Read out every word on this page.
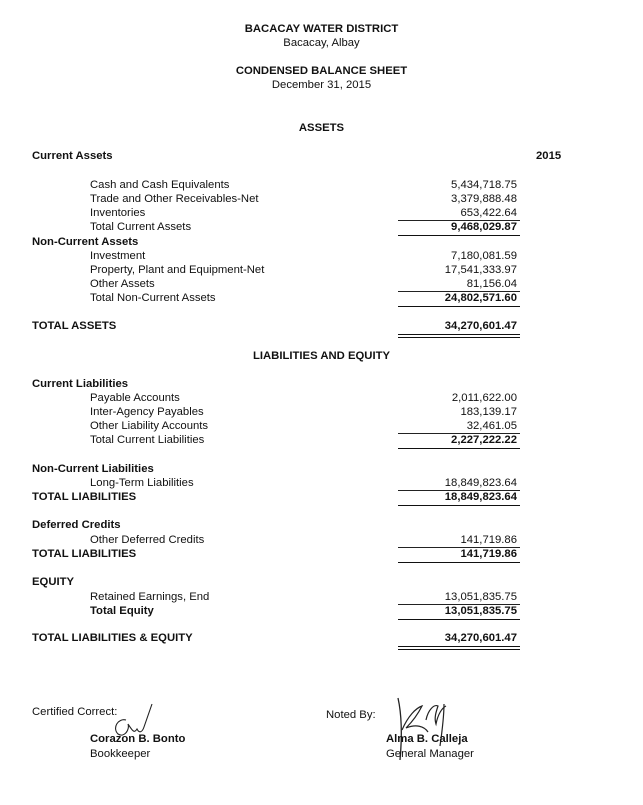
BACACAY WATER DISTRICT
Bacacay, Albay
CONDENSED BALANCE SHEET
December 31, 2015
ASSETS
Current Assets	2015
Cash and Cash Equivalents	5,434,718.75
Trade and Other Receivables-Net	3,379,888.48
Inventories	653,422.64
Total Current Assets	9,468,029.87
Non-Current Assets
Investment	7,180,081.59
Property, Plant and Equipment-Net	17,541,333.97
Other Assets	81,156.04
Total Non-Current Assets	24,802,571.60
TOTAL ASSETS	34,270,601.47
LIABILITIES AND EQUITY
Current Liabilities
Payable Accounts	2,011,622.00
Inter-Agency Payables	183,139.17
Other Liability Accounts	32,461.05
Total Current Liabilities	2,227,222.22
Non-Current Liabilities
Long-Term Liabilities	18,849,823.64
TOTAL LIABILITIES	18,849,823.64
Deferred Credits
Other Deferred Credits	141,719.86
TOTAL LIABILITIES	141,719.86
EQUITY
Retained Earnings, End	13,051,835.75
Total Equity	13,051,835.75
TOTAL LIABILITIES & EQUITY	34,270,601.47
Certified Correct:
Corazon B. Bonto
Bookkeeper
Noted By:
Alma B. Calleja
General Manager
